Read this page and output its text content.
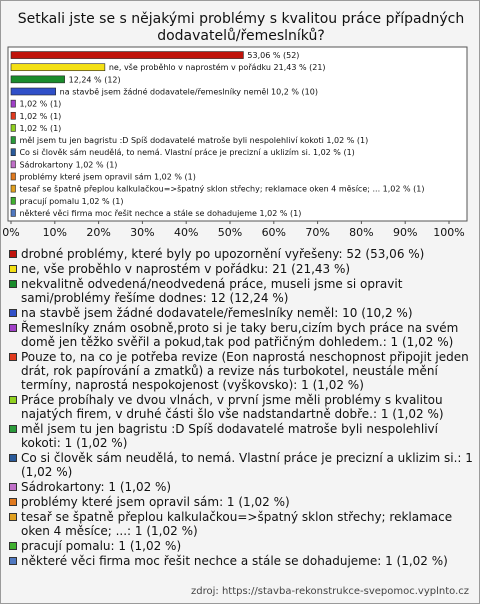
Setkali jste se s nějakými problémy s kvalitou práce případných dodavatelů/řemeslníků?
53,06 % (52)
ne, vše proběhlo v naprostém v pořádku 21,43 % (21)
12,24 % (12)
na stavbě jsem žádné dodavatele/řemeslníky neměl 10,2 % (10)
1,02 % (1)
1,02 % (1)
1,02 % (1)
měl jsem tu jen bagristu :D Spíš dodavatelé matroše byli nespolehliví kokoti 1,02 % (1)
Co si člověk sám neudělá, to nemá. Vlastní práce je precizní a uklizím si. 1,02 % (1)
Sádrokartony 1,02 % (1)
problémy které jsem opravil sám 1,02 % (1)
tesař se špatně přeplou kalkulačkou=>špatný sklon střechy; reklamace oken 4 měsíce; ... 1,02 % (1)
pracují pomalu 1,02 % (1)
některé věci firma moc řešit nechce a stále se dohadujeme 1,02 % (1)
0% 10% 20% 30% 40% 50% 60% 70% 80% 90% 100%
drobné problémy, které byly po upozornění vyřešeny: 52 (53,06 %)
ne, vše proběhlo v naprostém v pořádku: 21 (21,43 %)
nekvalitně odvedená/neodvedená práce, museli jsme si opravit sami/problémy řešíme dodnes: 12 (12,24 %)
na stavbě jsem žádné dodavatele/řemeslníky neměl: 10 (10,2 %)
Řemeslníky znám osobně,proto si je taky beru,cizím bych práce na svém domě jen těžko svěřil a pokud,tak pod patřičným dohledem.: 1 (1,02 %)
Pouze to, na co je potřeba revize (Eon naprostá neschopnost připojit jeden drát, rok papírování a zmatků) a revize nás turbokotel, neustále mění termíny, naprostá nespokojenost (vyškovsko): 1 (1,02 %)
Práce probíhaly ve dvou vlnách, v první jsme měli problémy s kvalitou najatých firem, v druhé části šlo vše nadstandartně dobře.: 1 (1,02 %)
měl jsem tu jen bagristu :D Spíš dodavatelé matroše byli nespolehliví kokoti: 1 (1,02 %)
Co si člověk sám neudělá, to nemá. Vlastní práce je precizní a uklizim si.: 1 (1,02 %)
Sádrokartony: 1 (1,02 %)
problémy které jsem opravil sám: 1 (1,02 %)
tesař se špatně přeplou kalkulačkou=>špatný sklon střechy; reklamace oken 4 měsíce; ...: 1 (1,02 %)
pracují pomalu: 1 (1,02 %)
některé věci firma moc řešit nechce a stále se dohadujeme: 1 (1,02 %)
zdroj: https://stavba-rekonstrukce-svepomoc.vyplnto.cz
